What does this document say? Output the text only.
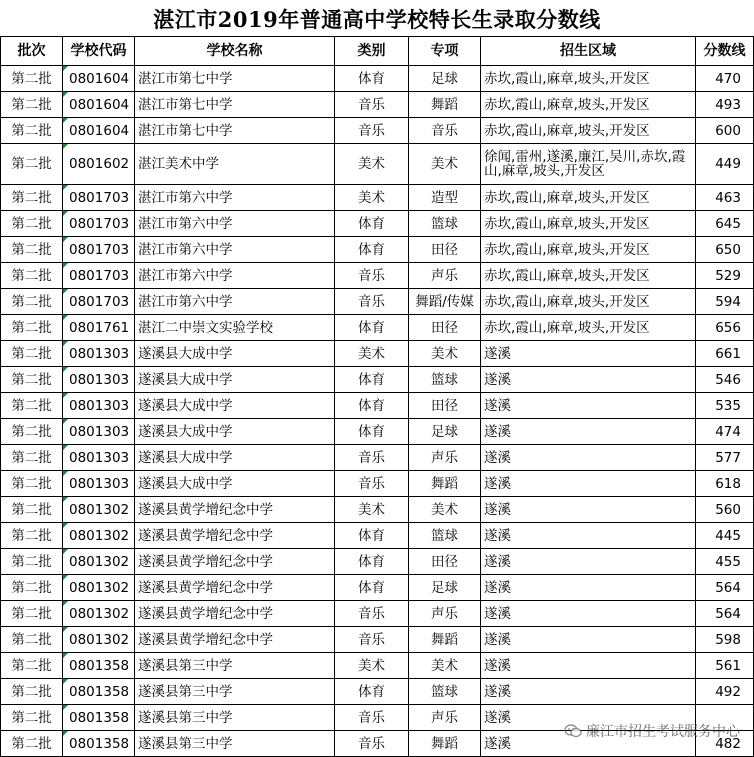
湛江市2019年普通高中学校特长生录取分数线
批次	学校代码	学校名称	类别	专项	招生区域	分数线
第二批	0801604	湛江市第七中学	体育	足球	赤坎,霞山,麻章,坡头,开发区	470
第二批	0801604	湛江市第七中学	音乐	舞蹈	赤坎,霞山,麻章,坡头,开发区	493
第二批	0801604	湛江市第七中学	音乐	音乐	赤坎,霞山,麻章,坡头,开发区	600
第二批	0801602	湛江美术中学	美术	美术	徐闻,雷州,遂溪,廉江,吴川,赤坎,霞山,麻章,坡头,开发区	449
第二批	0801703	湛江市第六中学	美术	造型	赤坎,霞山,麻章,坡头,开发区	463
第二批	0801703	湛江市第六中学	体育	篮球	赤坎,霞山,麻章,坡头,开发区	645
第二批	0801703	湛江市第六中学	体育	田径	赤坎,霞山,麻章,坡头,开发区	650
第二批	0801703	湛江市第六中学	音乐	声乐	赤坎,霞山,麻章,坡头,开发区	529
第二批	0801703	湛江市第六中学	音乐	舞蹈/传媒	赤坎,霞山,麻章,坡头,开发区	594
第二批	0801761	湛江二中崇文实验学校	体育	田径	赤坎,霞山,麻章,坡头,开发区	656
第二批	0801303	遂溪县大成中学	美术	美术	遂溪	661
第二批	0801303	遂溪县大成中学	体育	篮球	遂溪	546
第二批	0801303	遂溪县大成中学	体育	田径	遂溪	535
第二批	0801303	遂溪县大成中学	体育	足球	遂溪	474
第二批	0801303	遂溪县大成中学	音乐	声乐	遂溪	577
第二批	0801303	遂溪县大成中学	音乐	舞蹈	遂溪	618
第二批	0801302	遂溪县黄学增纪念中学	美术	美术	遂溪	560
第二批	0801302	遂溪县黄学增纪念中学	体育	篮球	遂溪	445
第二批	0801302	遂溪县黄学增纪念中学	体育	田径	遂溪	455
第二批	0801302	遂溪县黄学增纪念中学	体育	足球	遂溪	564
第二批	0801302	遂溪县黄学增纪念中学	音乐	声乐	遂溪	564
第二批	0801302	遂溪县黄学增纪念中学	音乐	舞蹈	遂溪	598
第二批	0801358	遂溪县第三中学	美术	美术	遂溪	561
第二批	0801358	遂溪县第三中学	体育	篮球	遂溪	492
第二批	0801358	遂溪县第三中学	音乐	声乐	遂溪	
第二批	0801358	遂溪县第三中学	音乐	舞蹈	遂溪	482
廉江市招生考试服务中心
